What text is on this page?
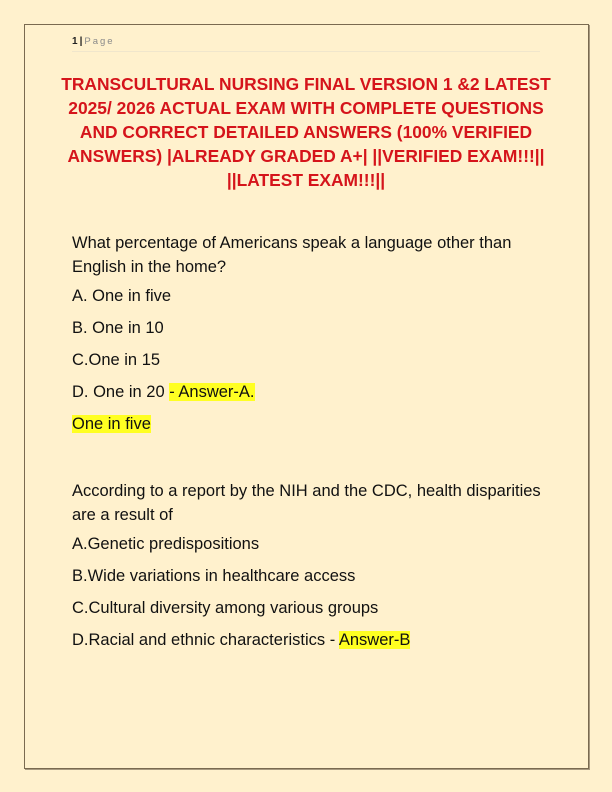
1 | Page
TRANSCULTURAL NURSING FINAL VERSION 1 &2 LATEST 2025/ 2026 ACTUAL EXAM WITH COMPLETE QUESTIONS AND CORRECT DETAILED ANSWERS (100% VERIFIED ANSWERS) |ALREADY GRADED A+| ||VERIFIED EXAM!!!|| ||LATEST EXAM!!!||

What percentage of Americans speak a language other than English in the home?

A. One in five

B. One in 10

C.One in 15

D. One in 20 - Answer-A.

One in five

According to a report by the NIH and the CDC, health disparities are a result of

A.Genetic predispositions

B.Wide variations in healthcare access

C.Cultural diversity among various groups

D.Racial and ethnic characteristics - Answer-B
